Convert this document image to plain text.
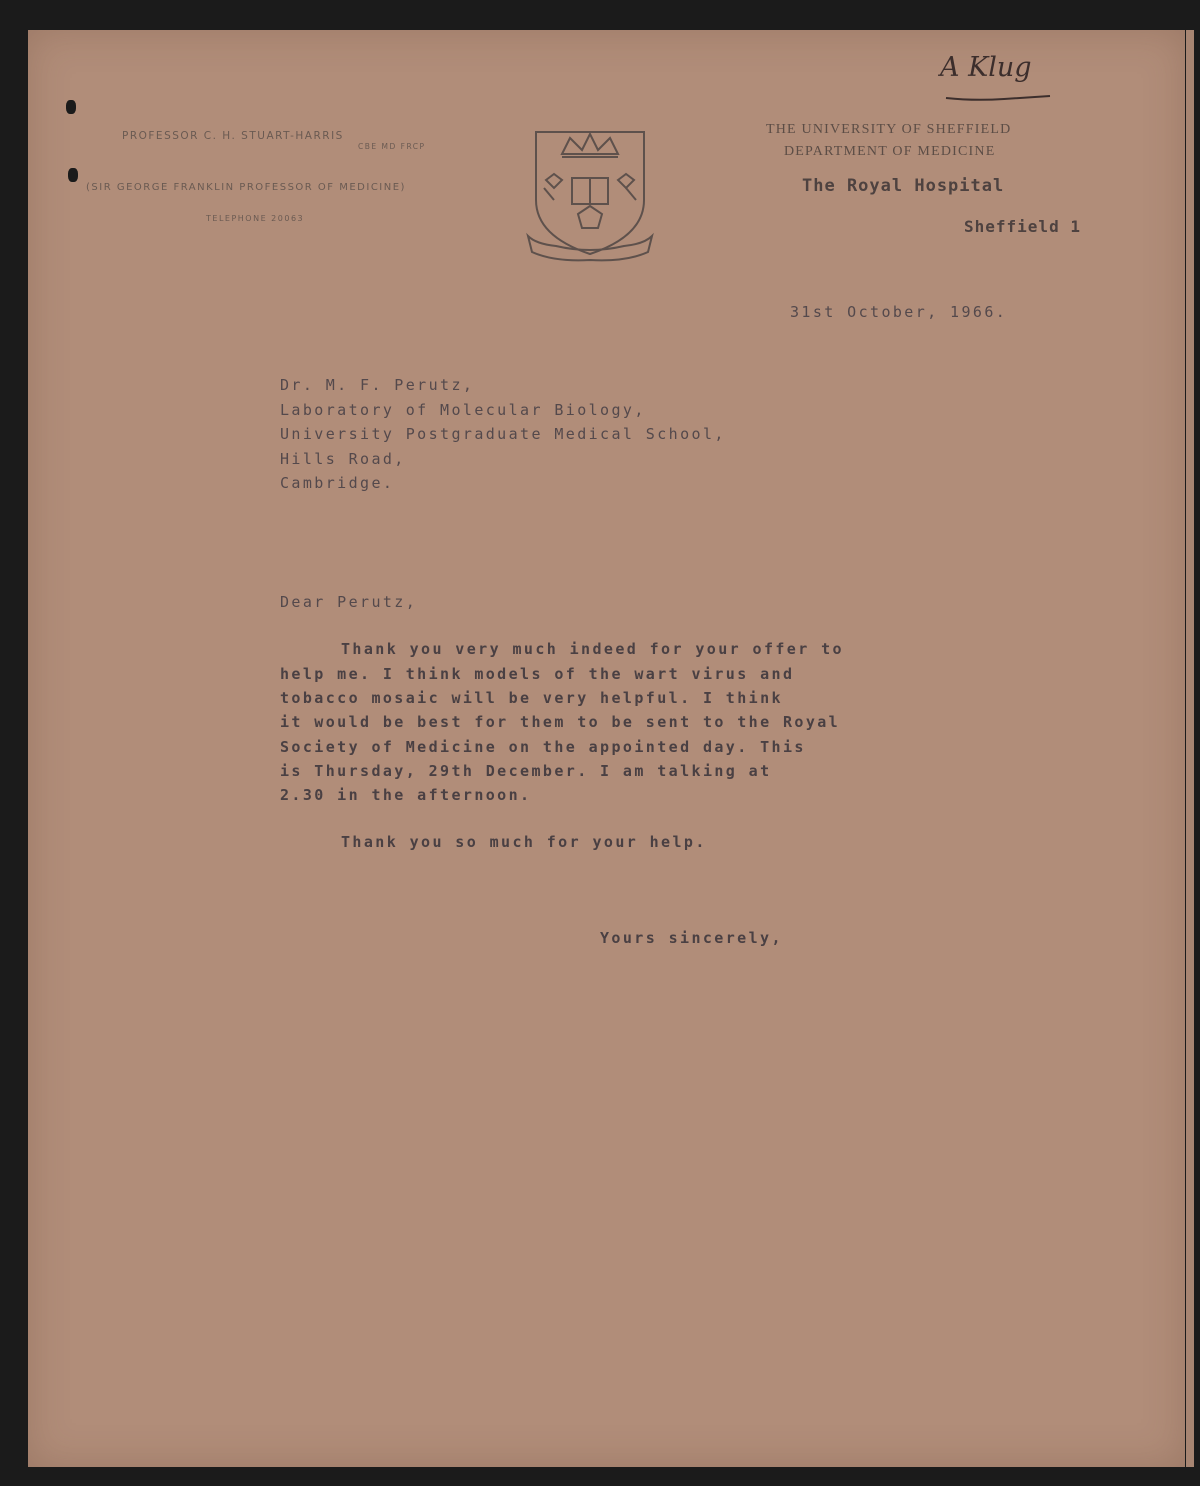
A Klug
PROFESSOR C. H. STUART-HARRIS
CBE MD FRCP
(SIR GEORGE FRANKLIN PROFESSOR OF MEDICINE)
TELEPHONE 20063
THE UNIVERSITY OF SHEFFIELD
DEPARTMENT OF MEDICINE
The Royal Hospital
Sheffield 1
31st October, 1966.
Dr. M. F. Perutz,
Laboratory of Molecular Biology,
University Postgraduate Medical School,
Hills Road,
Cambridge.
Dear Perutz,
Thank you very much indeed for your offer to
help me. I think models of the wart virus and
tobacco mosaic will be very helpful. I think
it would be best for them to be sent to the Royal
Society of Medicine on the appointed day. This
is Thursday, 29th December. I am talking at
2.30 in the afternoon.
Thank you so much for your help.
Yours sincerely,
